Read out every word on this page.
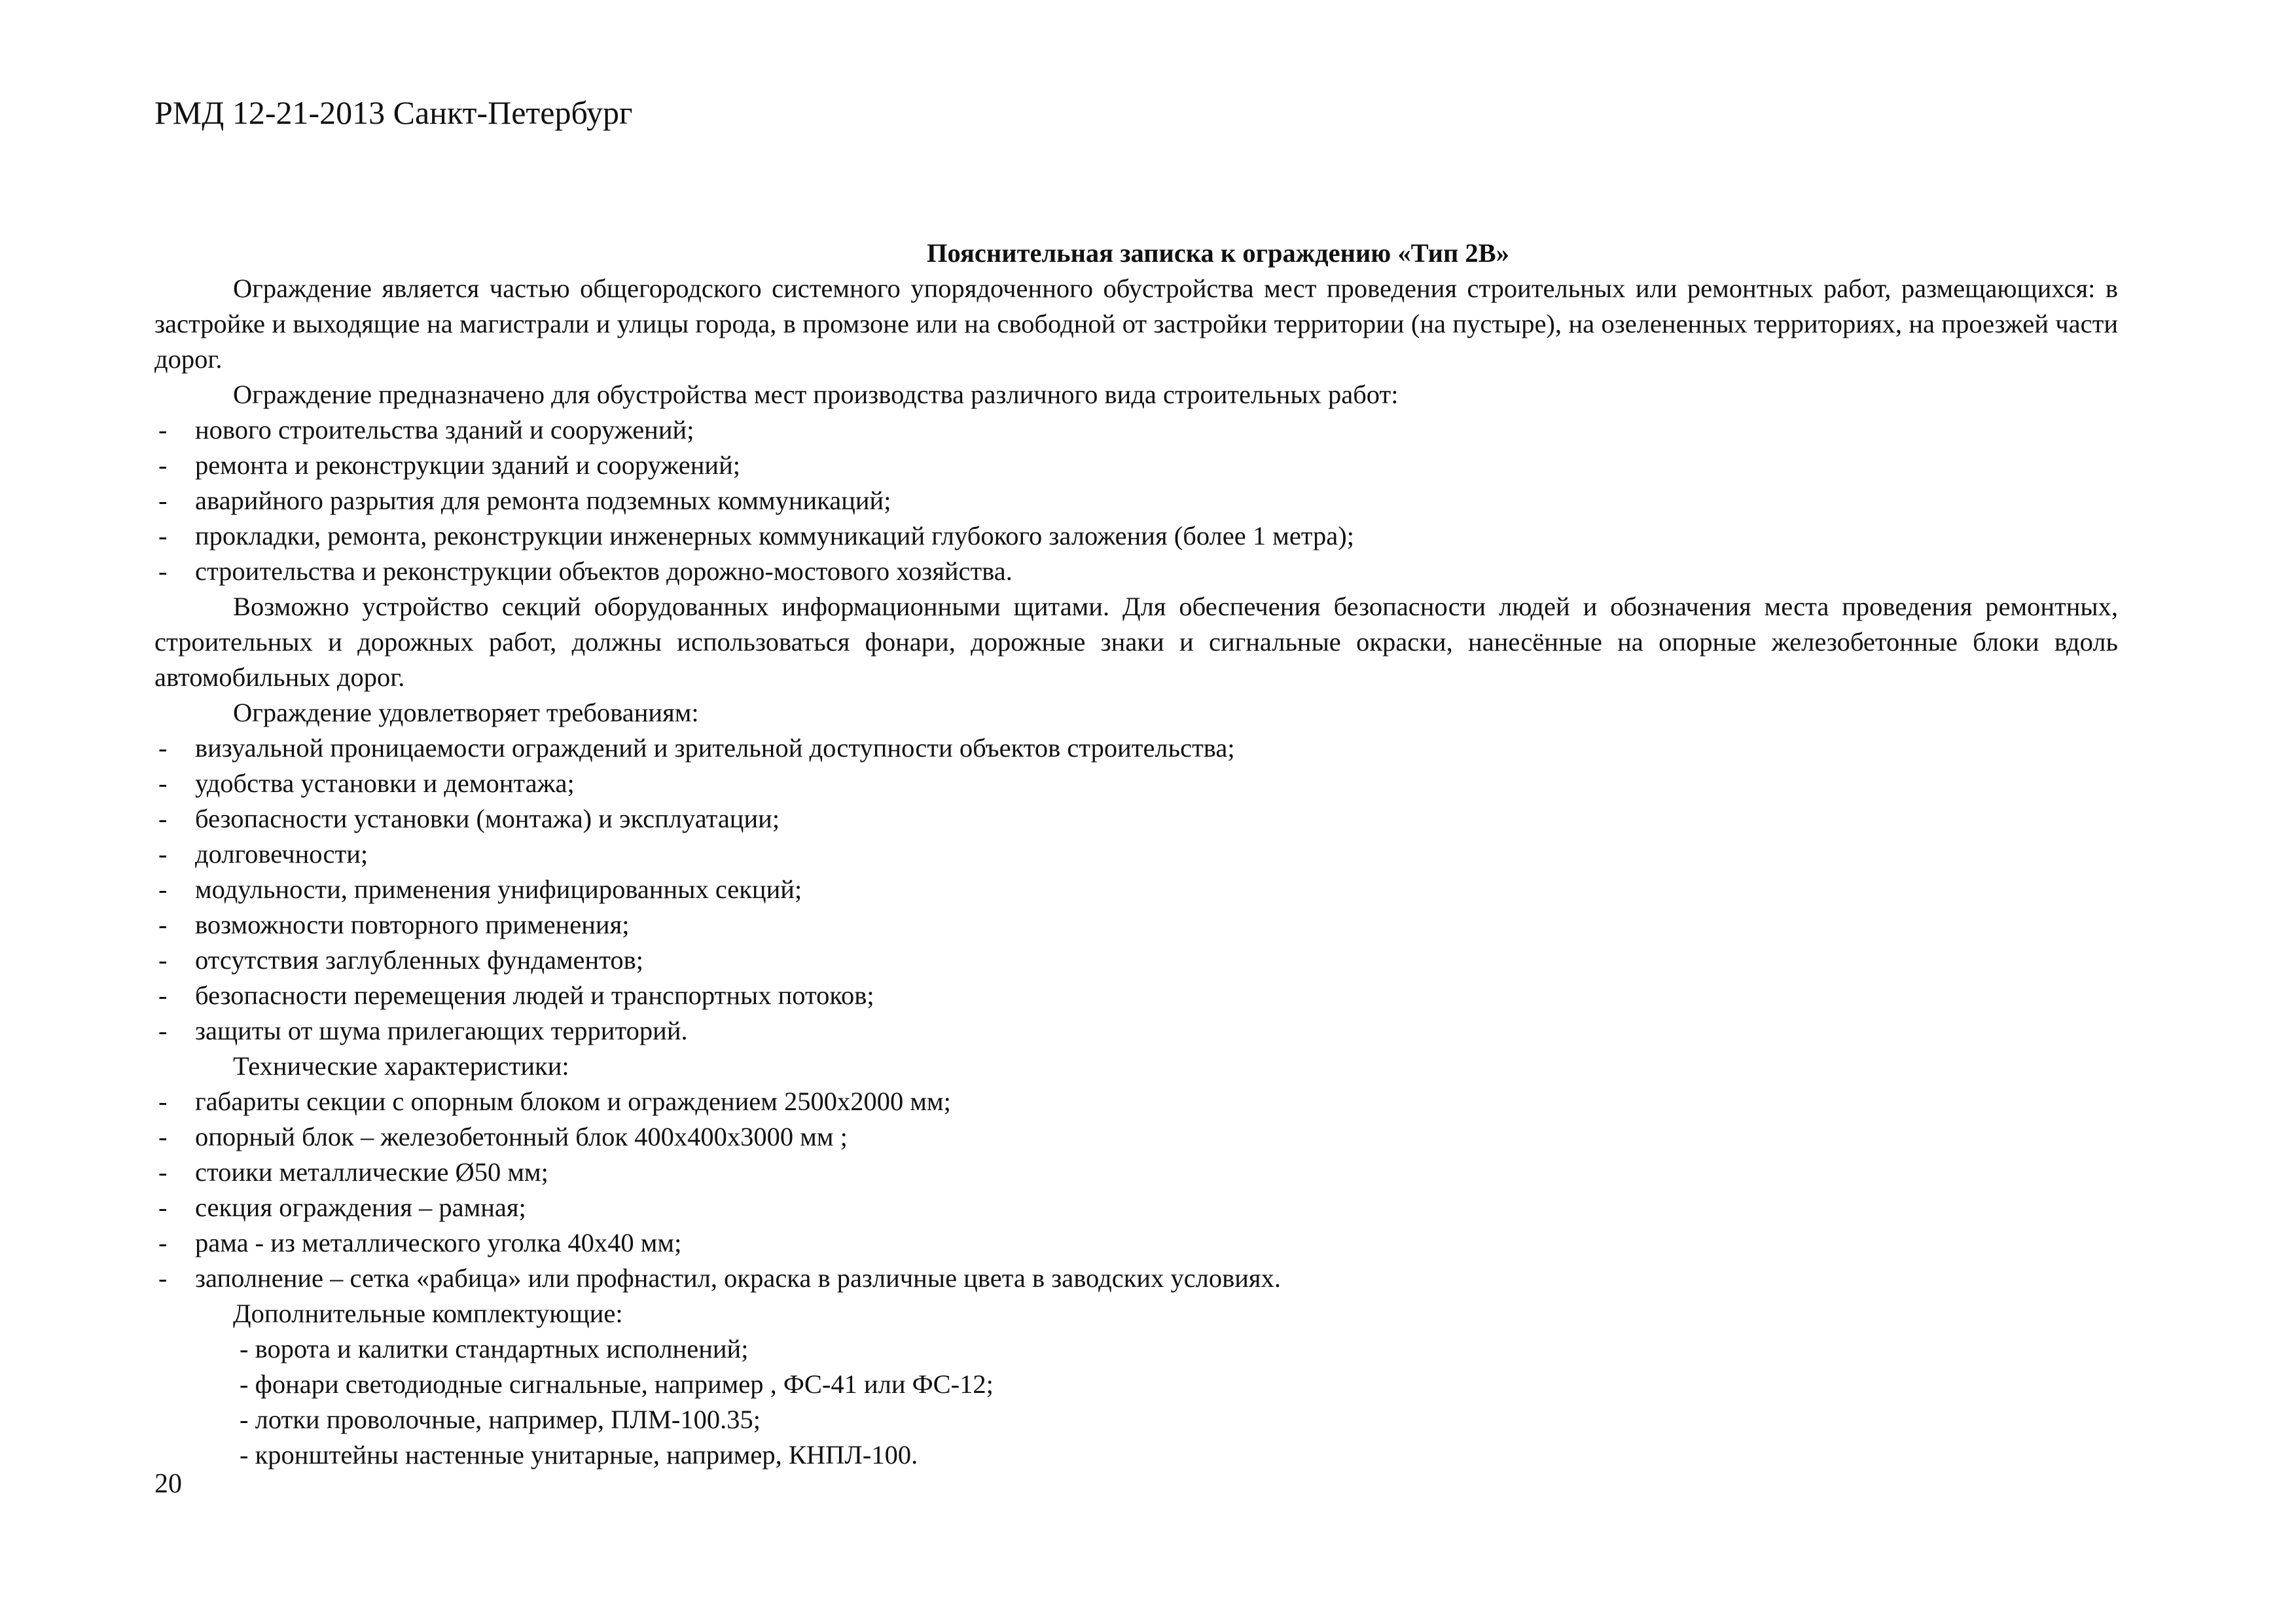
РМД 12-21-2013 Санкт-Петербург

Пояснительная записка к ограждению «Тип 2В»

Ограждение является частью общегородского системного упорядоченного обустройства мест проведения строительных или ремонтных работ, размещающихся: в застройке и выходящие на магистрали и улицы города, в промзоне или на свободной от застройки территории (на пустыре), на озелененных территориях, на проезжей части дорог.

Ограждение предназначено для обустройства мест производства различного вида строительных работ:

- нового строительства зданий и сооружений;
- ремонта и реконструкции зданий и сооружений;
- аварийного разрытия для ремонта подземных коммуникаций;
- прокладки, ремонта, реконструкции инженерных коммуникаций глубокого заложения (более 1 метра);
- строительства и реконструкции объектов дорожно-мостового хозяйства.

Возможно устройство секций оборудованных информационными щитами. Для обеспечения безопасности людей и обозначения места проведения ремонтных, строительных и дорожных работ, должны использоваться фонари, дорожные знаки и сигнальные окраски, нанесённые на опорные железобетонные блоки вдоль автомобильных дорог.

Ограждение удовлетворяет требованиям:

- визуальной проницаемости ограждений и зрительной доступности объектов строительства;
- удобства установки и демонтажа;
- безопасности установки (монтажа) и эксплуатации;
- долговечности;
- модульности, применения унифицированных секций;
- возможности повторного применения;
- отсутствия заглубленных фундаментов;
- безопасности перемещения людей и транспортных потоков;
- защиты от шума прилегающих территорий.

Технические характеристики:

- габариты секции с опорным блоком и ограждением 2500х2000 мм;
- опорный блок – железобетонный блок 400х400х3000 мм ;
- стоики металлические Ø50 мм;
- секция ограждения – рамная;
- рама - из металлического уголка 40х40 мм;
- заполнение – сетка «рабица» или профнастил, окраска в различные цвета в заводских условиях.

Дополнительные комплектующие:

- ворота и калитки стандартных исполнений;
- фонари светодиодные сигнальные, например , ФС-41 или ФС-12;
- лотки проволочные, например, ПЛМ-100.35;
- кронштейны настенные унитарные, например, КНПЛ-100.
20
